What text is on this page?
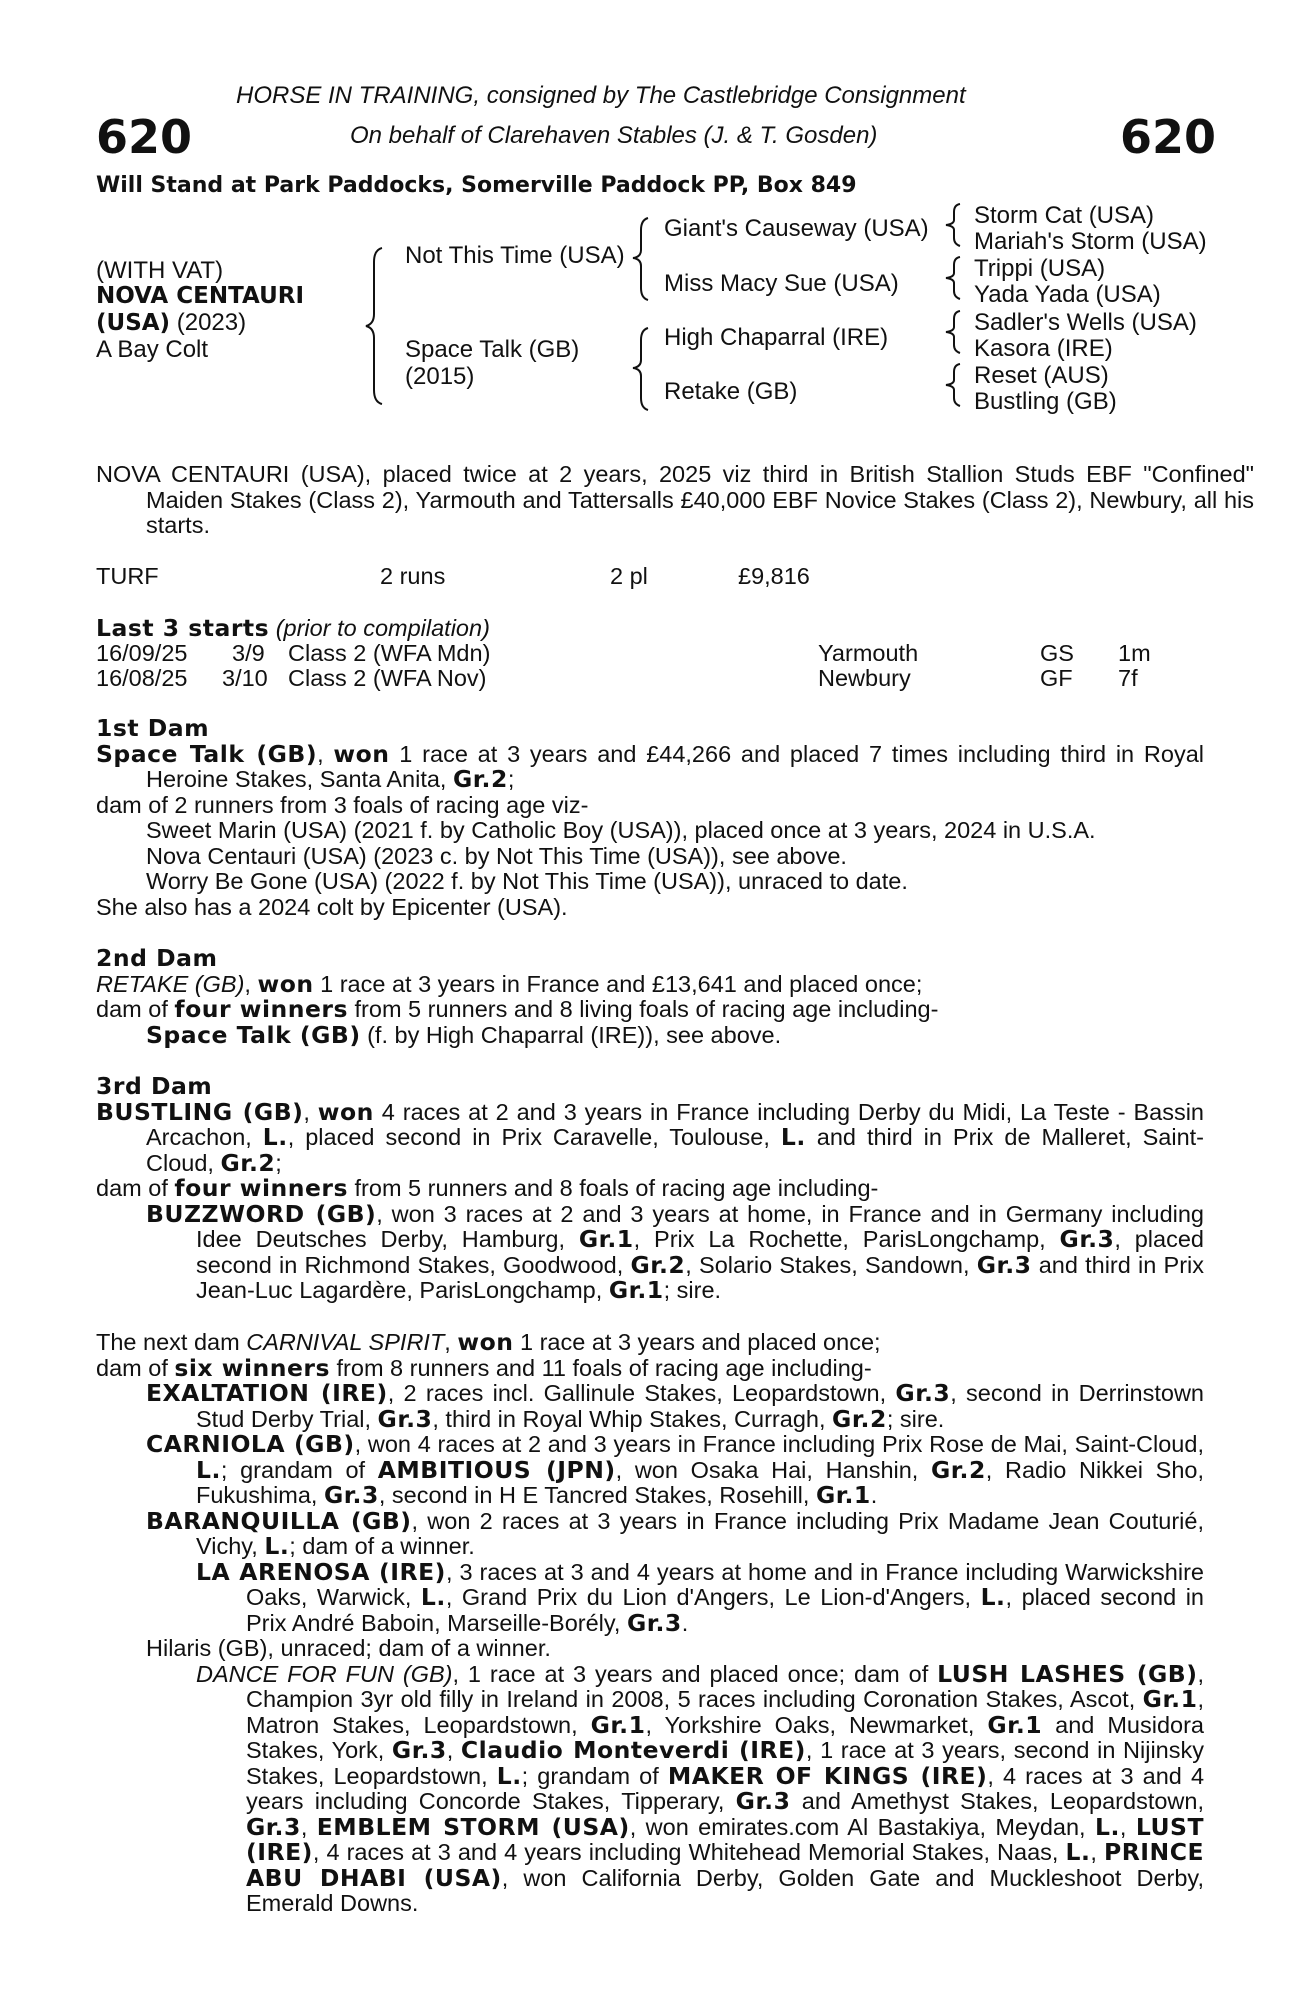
HORSE IN TRAINING, consigned by The Castlebridge Consignment
620	On behalf of Clarehaven Stables (J. & T. Gosden)	620
Will Stand at Park Paddocks, Somerville Paddock PP, Box 849
(WITH VAT)
NOVA CENTAURI
(USA) (2023)
A Bay Colt
Not This Time (USA)
Space Talk (GB)
(2015)
Giant's Causeway (USA)
Miss Macy Sue (USA)
High Chaparral (IRE)
Retake (GB)
Storm Cat (USA)
Mariah's Storm (USA)
Trippi (USA)
Yada Yada (USA)
Sadler's Wells (USA)
Kasora (IRE)
Reset (AUS)
Bustling (GB)
NOVA CENTAURI (USA), placed twice at 2 years, 2025 viz third in British Stallion Studs EBF "Confined" Maiden Stakes (Class 2), Yarmouth and Tattersalls £40,000 EBF Novice Stakes (Class 2), Newbury, all his starts.
TURF	2 runs	2 pl	£9,816
Last 3 starts (prior to compilation)
16/09/25 3/9 Class 2 (WFA Mdn)	Yarmouth	GS 1m
16/08/25 3/10 Class 2 (WFA Nov)	Newbury	GF 7f
1st Dam
Space Talk (GB), won 1 race at 3 years and £44,266 and placed 7 times including third in Royal Heroine Stakes, Santa Anita, Gr.2;
dam of 2 runners from 3 foals of racing age viz-
Sweet Marin (USA) (2021 f. by Catholic Boy (USA)), placed once at 3 years, 2024 in U.S.A.
Nova Centauri (USA) (2023 c. by Not This Time (USA)), see above.
Worry Be Gone (USA) (2022 f. by Not This Time (USA)), unraced to date.
She also has a 2024 colt by Epicenter (USA).
2nd Dam
RETAKE (GB), won 1 race at 3 years in France and £13,641 and placed once;
dam of four winners from 5 runners and 8 living foals of racing age including-
Space Talk (GB) (f. by High Chaparral (IRE)), see above.
3rd Dam
BUSTLING (GB), won 4 races at 2 and 3 years in France including Derby du Midi, La Teste - Bassin Arcachon, L., placed second in Prix Caravelle, Toulouse, L. and third in Prix de Malleret, Saint-Cloud, Gr.2;
dam of four winners from 5 runners and 8 foals of racing age including-
BUZZWORD (GB), won 3 races at 2 and 3 years at home, in France and in Germany including Idee Deutsches Derby, Hamburg, Gr.1, Prix La Rochette, ParisLongchamp, Gr.3, placed second in Richmond Stakes, Goodwood, Gr.2, Solario Stakes, Sandown, Gr.3 and third in Prix Jean-Luc Lagardère, ParisLongchamp, Gr.1; sire.
The next dam CARNIVAL SPIRIT, won 1 race at 3 years and placed once;
dam of six winners from 8 runners and 11 foals of racing age including-
EXALTATION (IRE), 2 races incl. Gallinule Stakes, Leopardstown, Gr.3, second in Derrinstown Stud Derby Trial, Gr.3, third in Royal Whip Stakes, Curragh, Gr.2; sire.
CARNIOLA (GB), won 4 races at 2 and 3 years in France including Prix Rose de Mai, Saint-Cloud, L.; grandam of AMBITIOUS (JPN), won Osaka Hai, Hanshin, Gr.2, Radio Nikkei Sho, Fukushima, Gr.3, second in H E Tancred Stakes, Rosehill, Gr.1.
BARANQUILLA (GB), won 2 races at 3 years in France including Prix Madame Jean Couturié, Vichy, L.; dam of a winner.
LA ARENOSA (IRE), 3 races at 3 and 4 years at home and in France including Warwickshire Oaks, Warwick, L., Grand Prix du Lion d'Angers, Le Lion-d'Angers, L., placed second in Prix André Baboin, Marseille-Borély, Gr.3.
Hilaris (GB), unraced; dam of a winner.
DANCE FOR FUN (GB), 1 race at 3 years and placed once; dam of LUSH LASHES (GB), Champion 3yr old filly in Ireland in 2008, 5 races including Coronation Stakes, Ascot, Gr.1, Matron Stakes, Leopardstown, Gr.1, Yorkshire Oaks, Newmarket, Gr.1 and Musidora Stakes, York, Gr.3, Claudio Monteverdi (IRE), 1 race at 3 years, second in Nijinsky Stakes, Leopardstown, L.; grandam of MAKER OF KINGS (IRE), 4 races at 3 and 4 years including Concorde Stakes, Tipperary, Gr.3 and Amethyst Stakes, Leopardstown, Gr.3, EMBLEM STORM (USA), won emirates.com Al Bastakiya, Meydan, L., LUST (IRE), 4 races at 3 and 4 years including Whitehead Memorial Stakes, Naas, L., PRINCE ABU DHABI (USA), won California Derby, Golden Gate and Muckleshoot Derby, Emerald Downs.
